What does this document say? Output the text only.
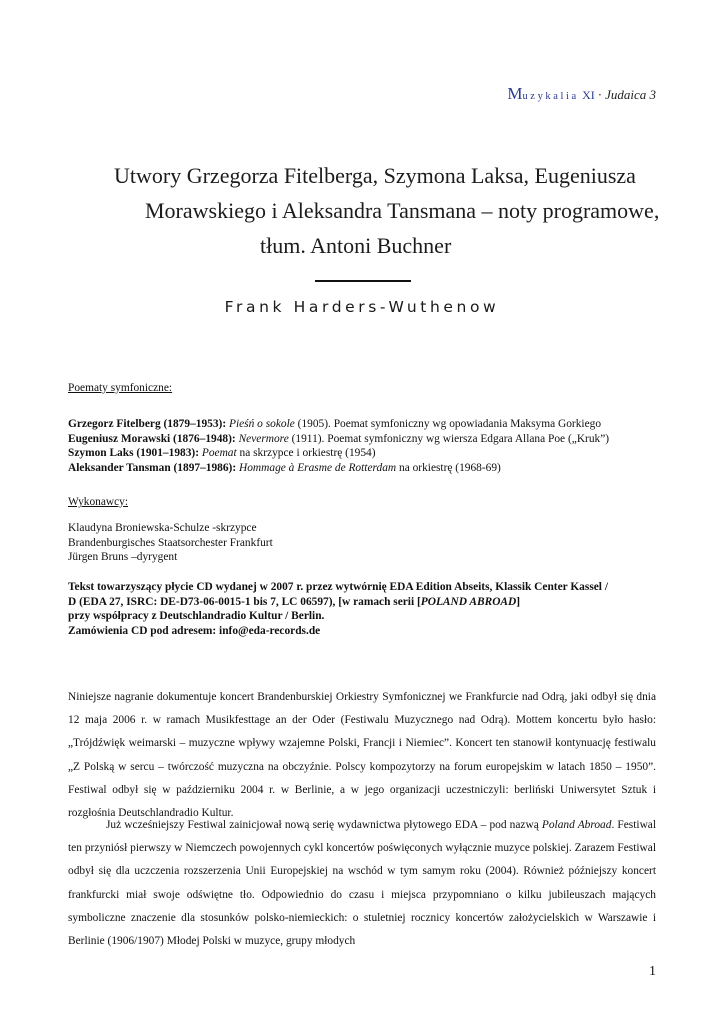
Muzykalia XI · Judaica 3
Utwory Grzegorza Fitelberga, Szymona Laksa, Eugeniusza
Morawskiego i Aleksandra Tansmana – noty programowe,
tłum. Antoni Buchner
Frank Harders-Wuthenow
Poematy symfoniczne:
Grzegorz Fitelberg (1879–1953): Pieśń o sokole (1905). Poemat symfoniczny wg opowiadania Maksyma Gorkiego
Eugeniusz Morawski (1876–1948): Nevermore (1911). Poemat symfoniczny wg wiersza Edgara Allana Poe („Kruk”)
Szymon Laks (1901–1983): Poemat na skrzypce i orkiestrę (1954)
Aleksander Tansman (1897–1986): Hommage à Erasme de Rotterdam na orkiestrę (1968-69)
Wykonawcy:
Klaudyna Broniewska-Schulze -skrzypce
Brandenburgisches Staatsorchester Frankfurt
Jürgen Bruns –dyrygent
Tekst towarzyszący płycie CD wydanej w 2007 r. przez wytwórnię EDA Edition Abseits, Klassik Center Kassel /
D (EDA 27, ISRC: DE-D73-06-0015-1 bis 7, LC 06597), [w ramach serii [POLAND ABROAD]
przy współpracy z Deutschlandradio Kultur / Berlin.
Zamówienia CD pod adresem: info@eda-records.de

Niniejsze nagranie dokumentuje koncert Brandenburskiej Orkiestry Symfonicznej we Frankfurcie nad Odrą, jaki odbył się dnia 12 maja 2006 r. w ramach Musikfesttage an der Oder (Festiwalu Muzycznego nad Odrą). Mottem koncertu było hasło: „Trójdźwięk weimarski – muzyczne wpływy wzajemne Polski, Francji i Niemiec”. Koncert ten stanowił kontynuację festiwalu „Z Polską w sercu – twórczość muzyczna na obczyźnie. Polscy kompozytorzy na forum europejskim w latach 1850 – 1950”. Festiwal odbył się w październiku 2004 r. w Berlinie, a w jego organizacji uczestniczyli: berliński Uniwersytet Sztuk i rozgłośnia Deutschlandradio Kultur.

Już wcześniejszy Festiwal zainicjował nową serię wydawnictwa płytowego EDA – pod nazwą Poland Abroad. Festiwal ten przyniósł pierwszy w Niemczech powojennych cykl koncertów poświęconych wyłącznie muzyce polskiej. Zarazem Festiwal odbył się dla uczczenia rozszerzenia Unii Europejskiej na wschód w tym samym roku (2004). Również późniejszy koncert frankfurcki miał swoje odświętne tło. Odpowiednio do czasu i miejsca przypomniano o kilku jubileuszach mających symboliczne znaczenie dla stosunków polsko-niemieckich: o stuletniej rocznicy koncertów założycielskich w Warszawie i Berlinie (1906/1907) Młodej Polski w muzyce, grupy młodych

1
